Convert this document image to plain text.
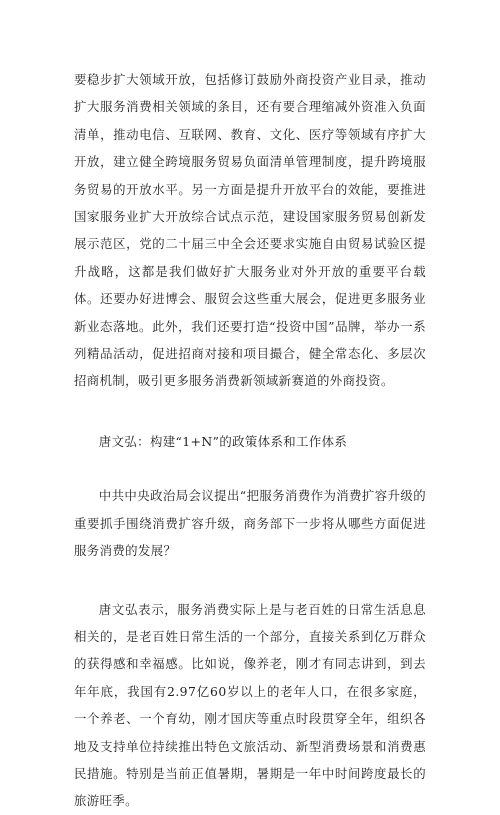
要稳步扩大领域开放，包括修订鼓励外商投资产业目录，推动扩大服务消费相关领域的条目，还有要合理缩减外资准入负面清单，推动电信、互联网、教育、文化、医疗等领域有序扩大开放，建立健全跨境服务贸易负面清单管理制度，提升跨境服务贸易的开放水平。另一方面是提升开放平台的效能，要推进国家服务业扩大开放综合试点示范，建设国家服务贸易创新发展示范区，党的二十届三中全会还要求实施自由贸易试验区提升战略，这都是我们做好扩大服务业对外开放的重要平台载体。还要办好进博会、服贸会这些重大展会，促进更多服务业新业态落地。此外，我们还要打造“投资中国”品牌，举办一系列精品活动，促进招商对接和项目撮合，健全常态化、多层次招商机制，吸引更多服务消费新领域新赛道的外商投资。

唐文弘：构建“1+N”的政策体系和工作体系

中共中央政治局会议提出“把服务消费作为消费扩容升级的重要抓手围绕消费扩容升级，商务部下一步将从哪些方面促进服务消费的发展？

唐文弘表示，服务消费实际上是与老百姓的日常生活息息相关的，是老百姓日常生活的一个部分，直接关系到亿万群众的获得感和幸福感。比如说，像养老，刚才有同志讲到，到去年年底，我国有2.97亿60岁以上的老年人口，在很多家庭，一个养老、一个育幼，刚才国庆等重点时段贯穿全年，组织各地及支持单位持续推出特色文旅活动、新型消费场景和消费惠民措施。特别是当前正值暑期，暑期是一年中时间跨度最长的旅游旺季。
